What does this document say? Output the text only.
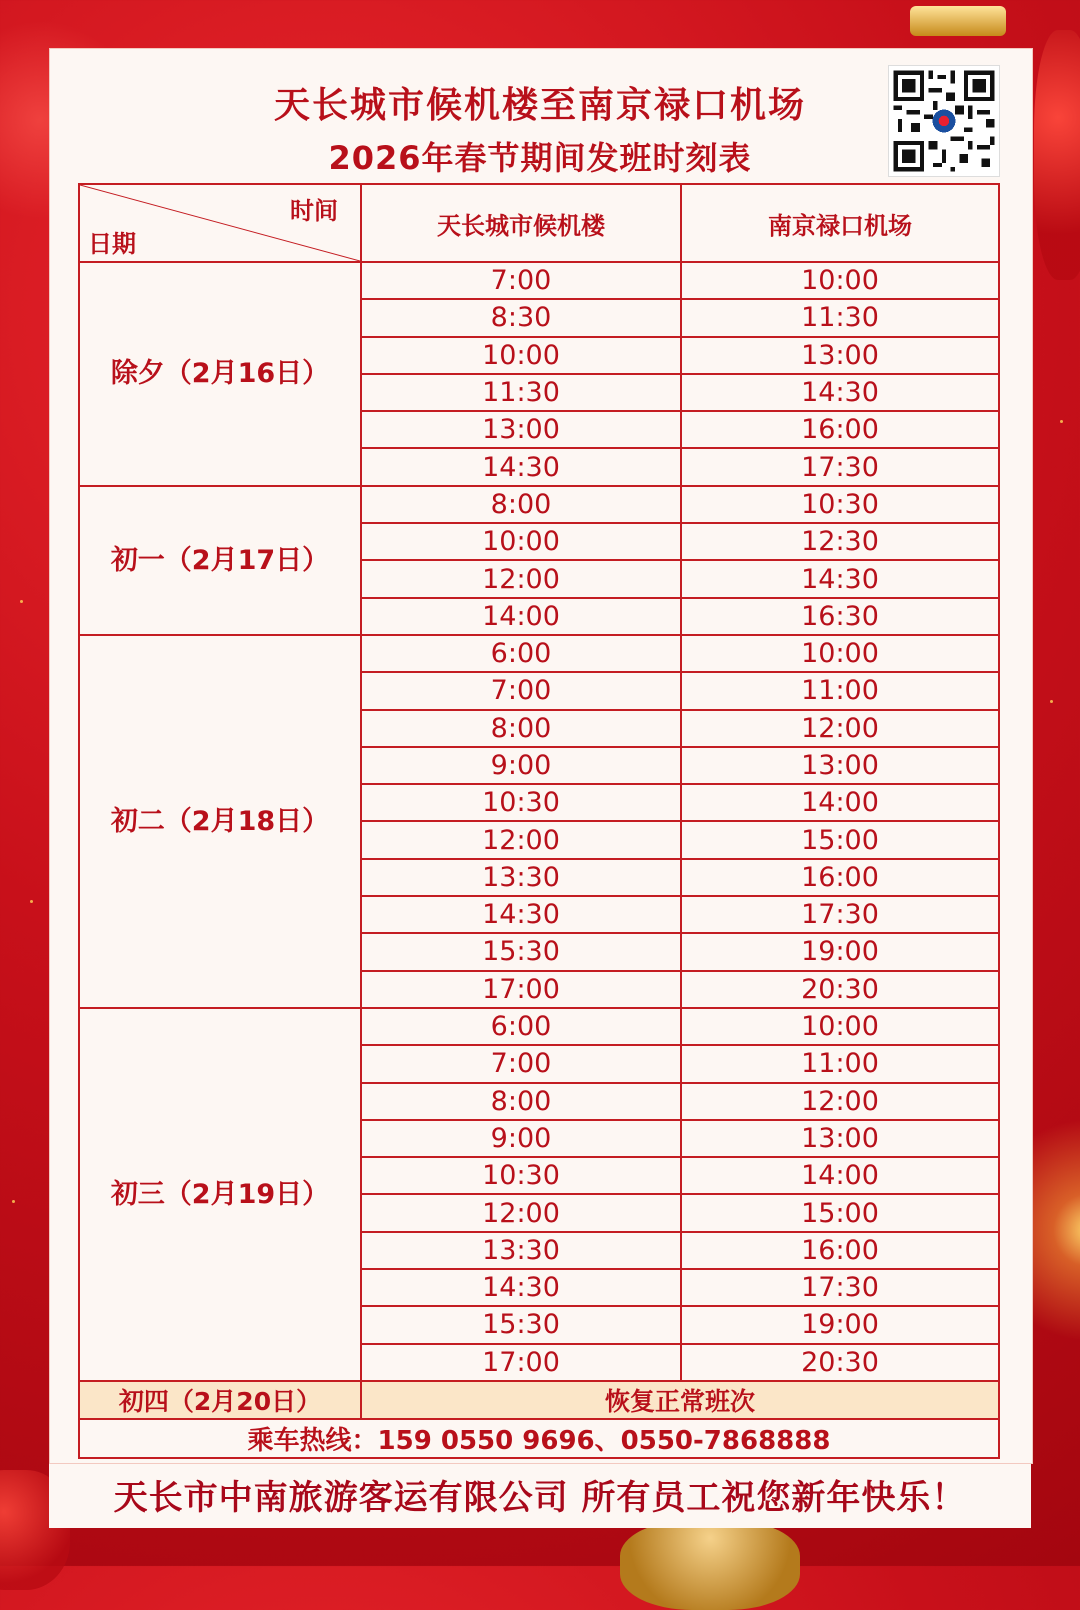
天长城市候机楼至南京禄口机场
2026年春节期间发班时刻表
时间
日期	天长城市候机楼	南京禄口机场
除夕（2月16日）	7:00	10:00
	8:30	11:30
	10:00	13:00
	11:30	14:30
	13:00	16:00
	14:30	17:30
初一（2月17日）	8:00	10:30
	10:00	12:30
	12:00	14:30
	14:00	16:30
初二（2月18日）	6:00	10:00
	7:00	11:00
	8:00	12:00
	9:00	13:00
	10:30	14:00
	12:00	15:00
	13:30	16:00
	14:30	17:30
	15:30	19:00
	17:00	20:30
初三（2月19日）	6:00	10:00
	7:00	11:00
	8:00	12:00
	9:00	13:00
	10:30	14:00
	12:00	15:00
	13:30	16:00
	14:30	17:30
	15:30	19:00
	17:00	20:30
初四（2月20日）	恢复正常班次	
乘车热线：159 0550 9696、0550-7868888		
天长市中南旅游客运有限公司 所有员工祝您新年快乐！
